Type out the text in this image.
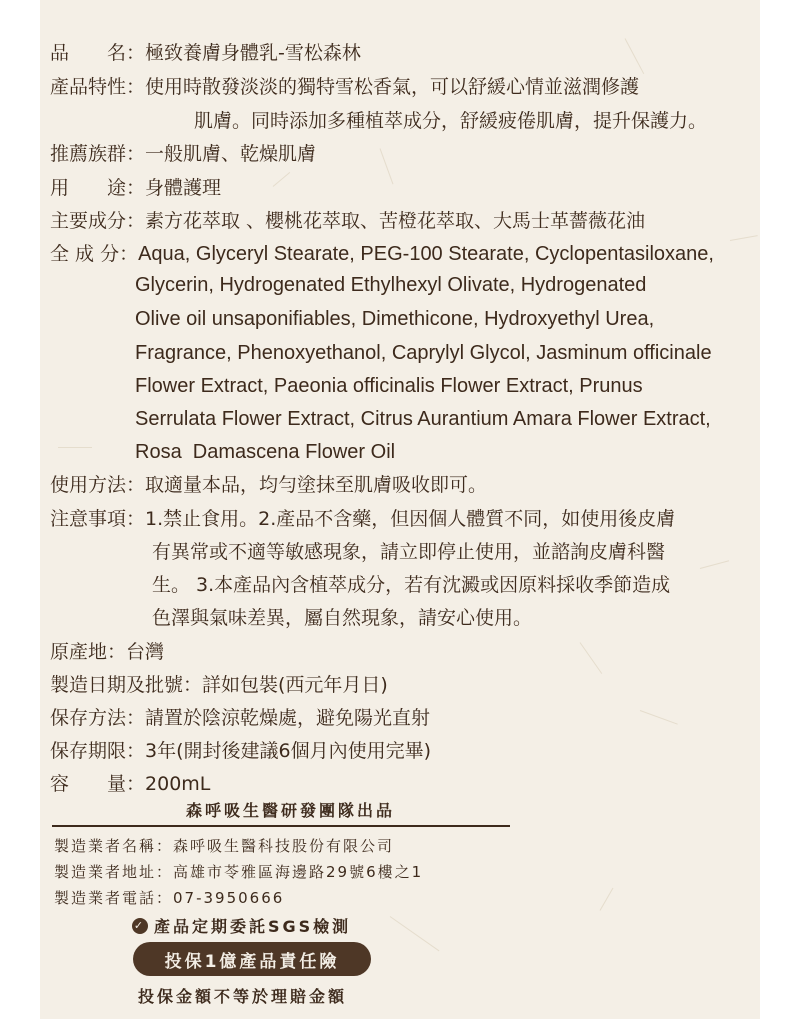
品　　名：極致養膚身體乳-雪松森林
產品特性：使用時散發淡淡的獨特雪松香氣，可以舒緩心情並滋潤修護
肌膚。同時添加多種植萃成分，舒緩疲倦肌膚，提升保護力。
推薦族群：一般肌膚、乾燥肌膚
用　　途：身體護理
主要成分：素方花萃取 、櫻桃花萃取、苦橙花萃取、大馬士革薔薇花油
全 成 分：Aqua, Glyceryl Stearate, PEG-100 Stearate, Cyclopentasiloxane,
Glycerin, Hydrogenated Ethylhexyl Olivate, Hydrogenated
Olive oil unsaponifiables, Dimethicone, Hydroxyethyl Urea,
Fragrance, Phenoxyethanol, Caprylyl Glycol, Jasminum officinale
Flower Extract, Paeonia officinalis Flower Extract, Prunus
Serrulata Flower Extract, Citrus Aurantium Amara Flower Extract,
Rosa  Damascena Flower Oil
使用方法：取適量本品，均勻塗抹至肌膚吸收即可。
注意事項：1.禁止食用。2.產品不含藥，但因個人體質不同，如使用後皮膚
有異常或不適等敏感現象，請立即停止使用，並諮詢皮膚科醫
生。 3.本產品內含植萃成分，若有沈澱或因原料採收季節造成
色澤與氣味差異，屬自然現象，請安心使用。
原產地：台灣
製造日期及批號：詳如包裝(西元年月日)
保存方法：請置於陰涼乾燥處，避免陽光直射
保存期限：3年(開封後建議6個月內使用完畢)
容　　量：200mL
森呼吸生醫研發團隊出品
製造業者名稱：森呼吸生醫科技股份有限公司
製造業者地址：高雄市苓雅區海邊路29號6樓之1
製造業者電話：07-3950666
✓ 產品定期委託SGS檢測
投保1億產品責任險
投保金額不等於理賠金額
